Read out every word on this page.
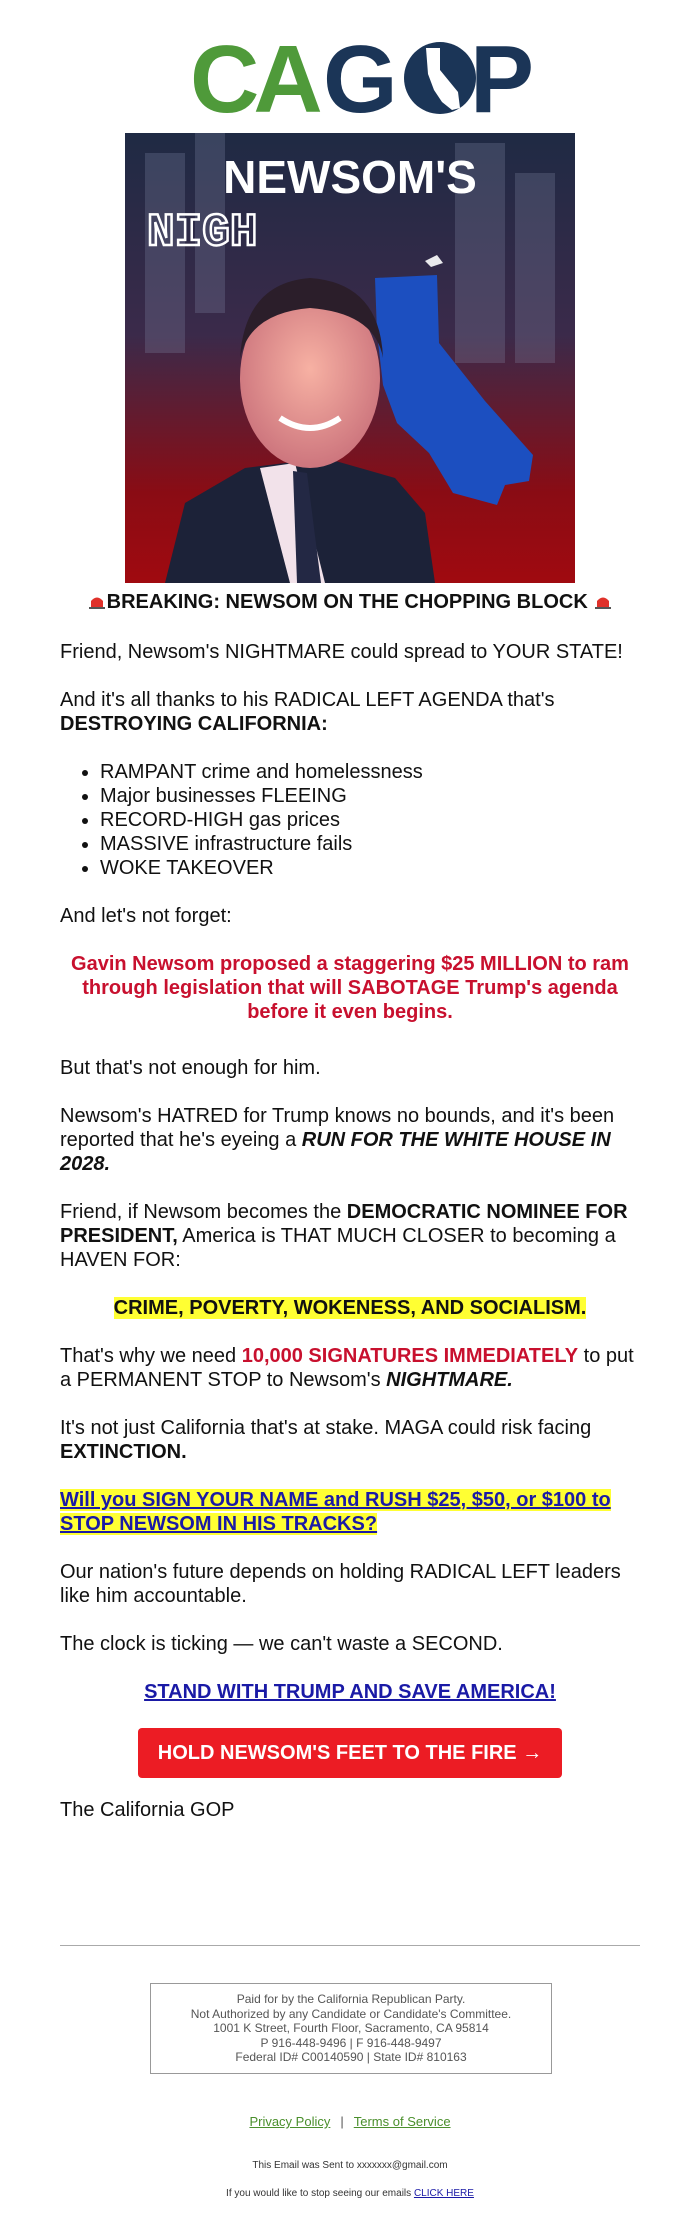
CA G P
NEWSOM'S
NIGH

BREAKING: NEWSOM ON THE CHOPPING BLOCK

Friend, Newsom's NIGHTMARE could spread to YOUR STATE!

And it's all thanks to his RADICAL LEFT AGENDA that's DESTROYING CALIFORNIA:

• RAMPANT crime and homelessness
• Major businesses FLEEING
• RECORD-HIGH gas prices
• MASSIVE infrastructure fails
• WOKE TAKEOVER

And let's not forget:

Gavin Newsom proposed a staggering $25 MILLION to ram through legislation that will SABOTAGE Trump's agenda before it even begins.

But that's not enough for him.

Newsom's HATRED for Trump knows no bounds, and it's been reported that he's eyeing a RUN FOR THE WHITE HOUSE IN 2028.

Friend, if Newsom becomes the DEMOCRATIC NOMINEE FOR PRESIDENT, America is THAT MUCH CLOSER to becoming a HAVEN FOR:

CRIME, POVERTY, WOKENESS, AND SOCIALISM.

That's why we need 10,000 SIGNATURES IMMEDIATELY to put a PERMANENT STOP to Newsom's NIGHTMARE.

It's not just California that's at stake. MAGA could risk facing EXTINCTION.

Will you SIGN YOUR NAME and RUSH $25, $50, or $100 to STOP NEWSOM IN HIS TRACKS?

Our nation's future depends on holding RADICAL LEFT leaders like him accountable.

The clock is ticking — we can't waste a SECOND.

STAND WITH TRUMP AND SAVE AMERICA!

HOLD NEWSOM'S FEET TO THE FIRE →

The California GOP

Paid for by the California Republican Party.
Not Authorized by any Candidate or Candidate's Committee.
1001 K Street, Fourth Floor, Sacramento, CA 95814
P 916-448-9496 | F 916-448-9497
Federal ID# C00140590 | State ID# 810163
Privacy Policy | Terms of Service
This Email was Sent to xxxxxxx@gmail.com
If you would like to stop seeing our emails CLICK HERE
